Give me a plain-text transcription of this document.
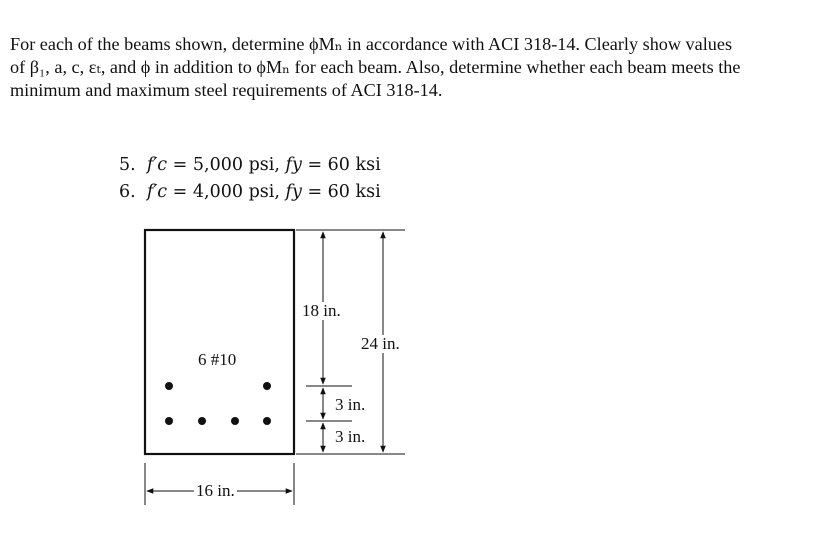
For each of the beams shown, determine ϕMₙ in accordance with ACI 318-14. Clearly show values
of β₁, a, c, εₜ, and ϕ in addition to ϕMₙ for each beam. Also, determine whether each beam meets the
minimum and maximum steel requirements of ACI 318-14.
5. f′c = 5,000 psi, fy = 60 ksi
6. f′c = 4,000 psi, fy = 60 ksi
6 #10
18 in.
24 in.
3 in.
3 in.
16 in.
